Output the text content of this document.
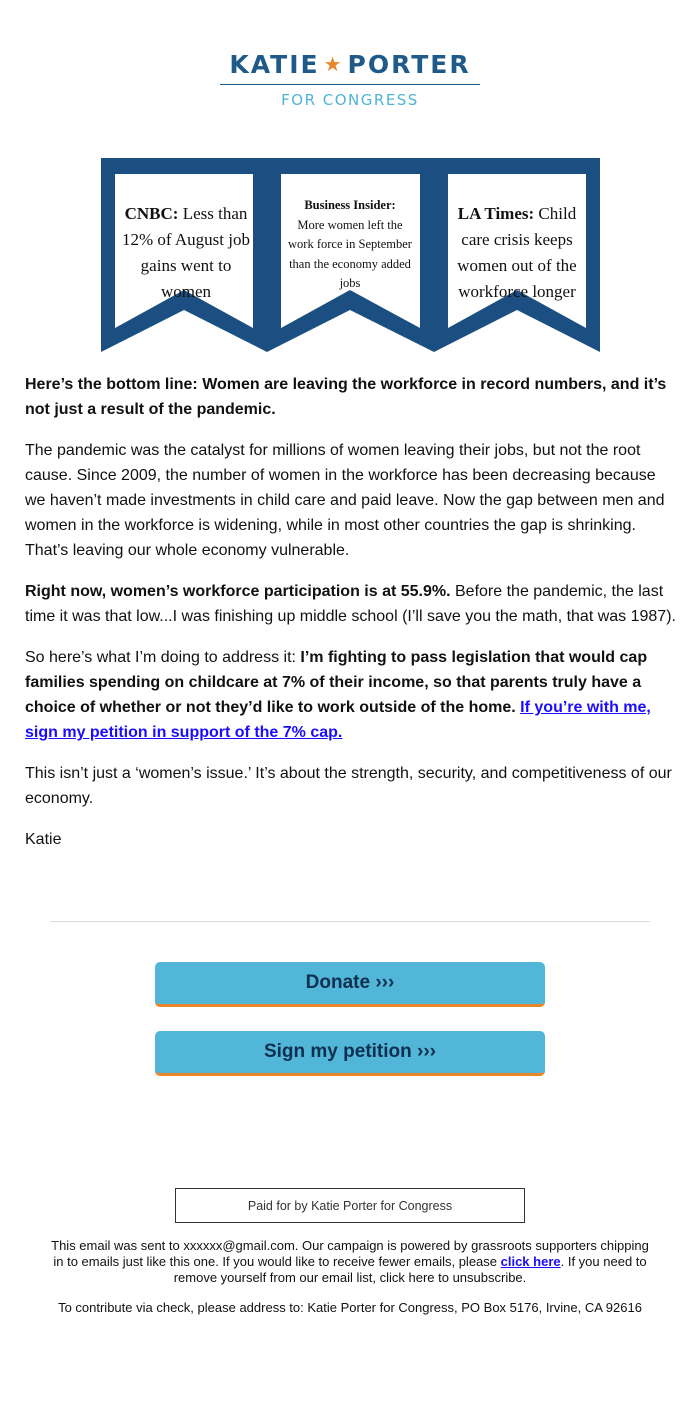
KATIE ★ PORTER
FOR CONGRESS
CNBC: Less than 12% of August job gains went to women
Business Insider:
More women left the work force in September than the economy added jobs
LA Times: Child care crisis keeps women out of the workforce longer

Here’s the bottom line: Women are leaving the workforce in record numbers, and it’s not just a result of the pandemic.

The pandemic was the catalyst for millions of women leaving their jobs, but not the root cause. Since 2009, the number of women in the workforce has been decreasing because we haven’t made investments in child care and paid leave. Now the gap between men and women in the workforce is widening, while in most other countries the gap is shrinking. That’s leaving our whole economy vulnerable.

Right now, women’s workforce participation is at 55.9%. Before the pandemic, the last time it was that low...I was finishing up middle school (I’ll save you the math, that was 1987).

So here’s what I’m doing to address it: I’m fighting to pass legislation that would cap families spending on childcare at 7% of their income, so that parents truly have a choice of whether or not they’d like to work outside of the home. If you’re with me, sign my petition in support of the 7% cap.

This isn’t just a ‘women’s issue.’ It’s about the strength, security, and competitiveness of our economy.

Katie

Donate ›››
Sign my petition ›››
Paid for by Katie Porter for Congress

This email was sent to xxxxxx@gmail.com. Our campaign is powered by grassroots supporters chipping in to emails just like this one. If you would like to receive fewer emails, please click here. If you need to remove yourself from our email list, click here to unsubscribe.

To contribute via check, please address to: Katie Porter for Congress, PO Box 5176, Irvine, CA 92616
